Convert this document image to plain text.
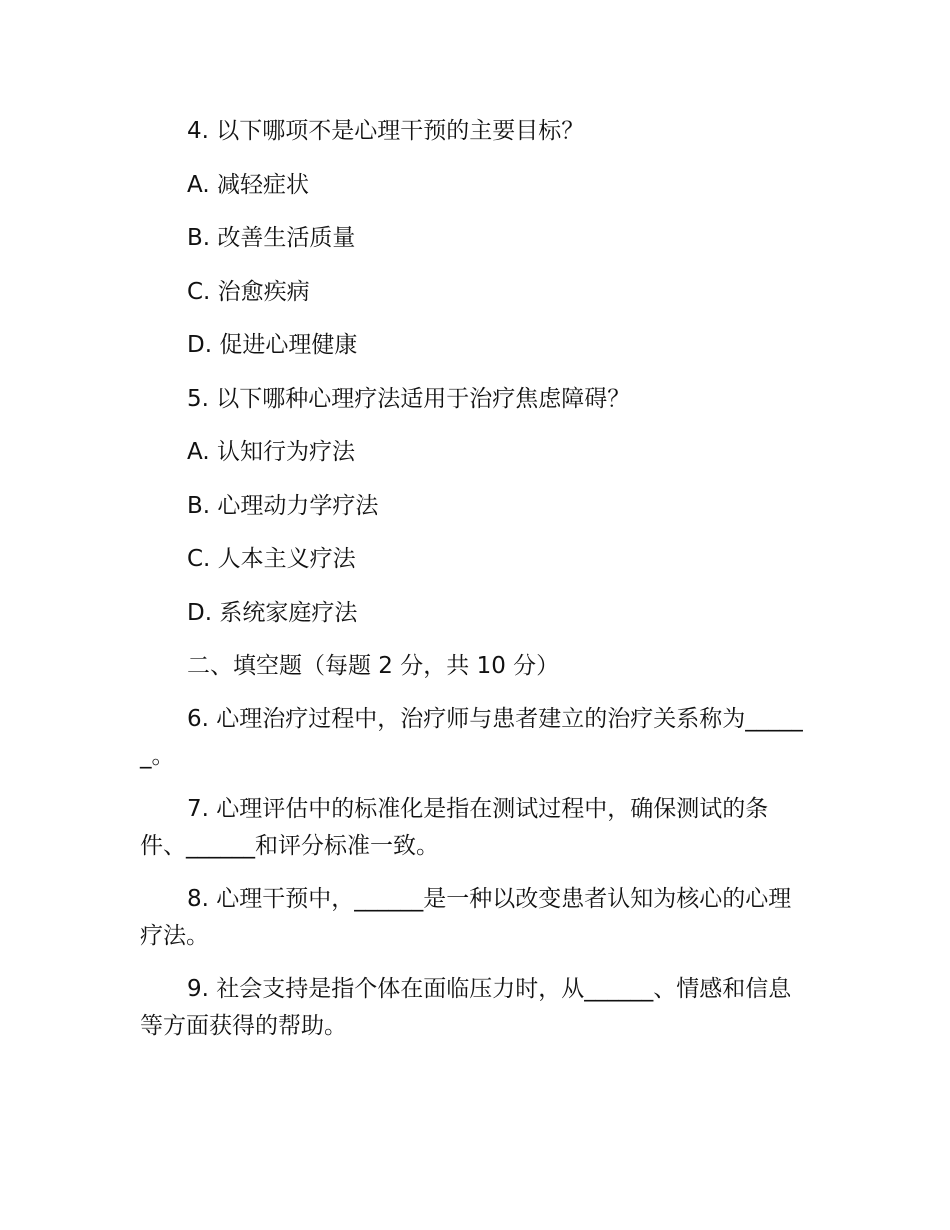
4. 以下哪项不是心理干预的主要目标？
A. 减轻症状
B. 改善生活质量
C. 治愈疾病
D. 促进心理健康
5. 以下哪种心理疗法适用于治疗焦虑障碍？
A. 认知行为疗法
B. 心理动力学疗法
C. 人本主义疗法
D. 系统家庭疗法
二、填空题（每题 2 分，共 10 分）
6. 心理治疗过程中，治疗师与患者建立的治疗关系称为______。
7. 心理评估中的标准化是指在测试过程中，确保测试的条件、______和评分标准一致。
8. 心理干预中，______是一种以改变患者认知为核心的心理疗法。
9. 社会支持是指个体在面临压力时，从______、情感和信息等方面获得的帮助。
